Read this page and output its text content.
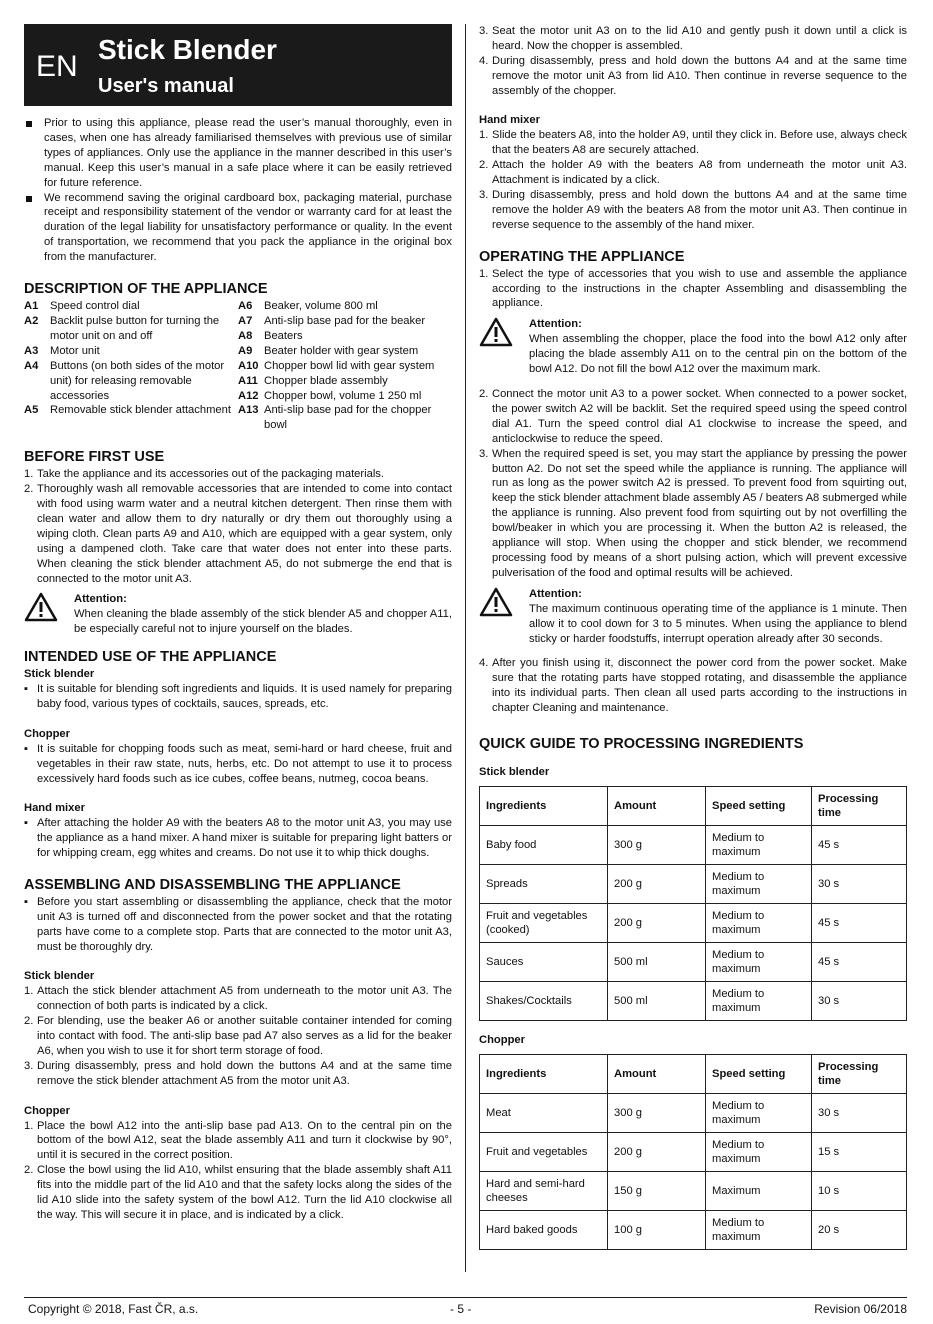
EN
Stick Blender
User's manual
Prior to using this appliance, please read the user’s manual thoroughly, even in cases, when one has already familiarised themselves with previous use of similar types of appliances. Only use the appliance in the manner described in this user’s manual. Keep this user’s manual in a safe place where it can be easily retrieved for future reference.
We recommend saving the original cardboard box, packaging material, purchase receipt and responsibility statement of the vendor or warranty card for at least the duration of the legal liability for unsatisfactory performance or quality. In the event of transportation, we recommend that you pack the appliance in the original box from the manufacturer.
DESCRIPTION OF THE APPLIANCE
A1	Speed control dial
A2	Backlit pulse button for turning the motor unit on and off
A3	Motor unit
A4	Buttons (on both sides of the motor unit) for releasing removable accessories
A5	Removable stick blender attachment
A6	Beaker, volume 800 ml
A7	Anti-slip base pad for the beaker
A8	Beaters
A9	Beater holder with gear system
A10 Chopper bowl lid with gear system
A11 Chopper blade assembly
A12 Chopper bowl, volume 1 250 ml
A13 Anti-slip base pad for the chopper bowl
BEFORE FIRST USE
1. Take the appliance and its accessories out of the packaging materials.
2. Thoroughly wash all removable accessories that are intended to come into contact with food using warm water and a neutral kitchen detergent. Then rinse them with clean water and allow them to dry naturally or dry them out thoroughly using a wiping cloth. Clean parts A9 and A10, which are equipped with a gear system, only using a dampened cloth. Take care that water does not enter into these parts. When cleaning the stick blender attachment A5, do not submerge the end that is connected to the motor unit A3.
Attention:
When cleaning the blade assembly of the stick blender A5 and chopper A11, be especially careful not to injure yourself on the blades.
INTENDED USE OF THE APPLIANCE
Stick blender
▪ It is suitable for blending soft ingredients and liquids. It is used namely for preparing baby food, various types of cocktails, sauces, spreads, etc.
Chopper
▪ It is suitable for chopping foods such as meat, semi-hard or hard cheese, fruit and vegetables in their raw state, nuts, herbs, etc. Do not attempt to use it to process excessively hard foods such as ice cubes, coffee beans, nutmeg, cocoa beans.
Hand mixer
▪ After attaching the holder A9 with the beaters A8 to the motor unit A3, you may use the appliance as a hand mixer. A hand mixer is suitable for preparing light batters or for whipping cream, egg whites and creams. Do not use it to whip thick doughs.
ASSEMBLING AND DISASSEMBLING THE APPLIANCE
▪ Before you start assembling or disassembling the appliance, check that the motor unit A3 is turned off and disconnected from the power socket and that the rotating parts have come to a complete stop. Parts that are connected to the motor unit A3, must be thoroughly dry.
Stick blender
1. Attach the stick blender attachment A5 from underneath to the motor unit A3. The connection of both parts is indicated by a click.
2. For blending, use the beaker A6 or another suitable container intended for coming into contact with food. The anti-slip base pad A7 also serves as a lid for the beaker A6, when you wish to use it for short term storage of food.
3. During disassembly, press and hold down the buttons A4 and at the same time remove the stick blender attachment A5 from the motor unit A3.
Chopper
1. Place the bowl A12 into the anti-slip base pad A13. On to the central pin on the bottom of the bowl A12, seat the blade assembly A11 and turn it clockwise by 90°, until it is secured in the correct position.
2. Close the bowl using the lid A10, whilst ensuring that the blade assembly shaft A11 fits into the middle part of the lid A10 and that the safety locks along the sides of the lid A10 slide into the safety system of the bowl A12. Turn the lid A10 clockwise all the way. This will secure it in place, and is indicated by a click.
3. Seat the motor unit A3 on to the lid A10 and gently push it down until a click is heard. Now the chopper is assembled.
4. During disassembly, press and hold down the buttons A4 and at the same time remove the motor unit A3 from lid A10. Then continue in reverse sequence to the assembly of the chopper.
Hand mixer
1. Slide the beaters A8, into the holder A9, until they click in. Before use, always check that the beaters A8 are securely attached.
2. Attach the holder A9 with the beaters A8 from underneath the motor unit A3. Attachment is indicated by a click.
3. During disassembly, press and hold down the buttons A4 and at the same time remove the holder A9 with the beaters A8 from the motor unit A3. Then continue in reverse sequence to the assembly of the hand mixer.
OPERATING THE APPLIANCE
1. Select the type of accessories that you wish to use and assemble the appliance according to the instructions in the chapter Assembling and disassembling the appliance.
Attention:
When assembling the chopper, place the food into the bowl A12 only after placing the blade assembly A11 on to the central pin on the bottom of the bowl A12. Do not fill the bowl A12 over the maximum mark.
2. Connect the motor unit A3 to a power socket. When connected to a power socket, the power switch A2 will be backlit. Set the required speed using the speed control dial A1. Turn the speed control dial A1 clockwise to increase the speed, and anticlockwise to reduce the speed.
3. When the required speed is set, you may start the appliance by pressing the power button A2. Do not set the speed while the appliance is running. The appliance will run as long as the power switch A2 is pressed. To prevent food from squirting out, keep the stick blender attachment blade assembly A5 / beaters A8 submerged while the appliance is running. Also prevent food from squirting out by not overfilling the bowl/beaker in which you are processing it. When the button A2 is released, the appliance will stop. When using the chopper and stick blender, we recommend processing food by means of a short pulsing action, which will prevent excessive pulverisation of the food and optimal results will be achieved.
Attention:
The maximum continuous operating time of the appliance is 1 minute. Then allow it to cool down for 3 to 5 minutes. When using the appliance to blend sticky or harder foodstuffs, interrupt operation already after 30 seconds.
4. After you finish using it, disconnect the power cord from the power socket. Make sure that the rotating parts have stopped rotating, and disassemble the appliance into its individual parts. Then clean all used parts according to the instructions in chapter Cleaning and maintenance.
QUICK GUIDE TO PROCESSING INGREDIENTS
Stick blender
Ingredients	Amount	Speed setting	Processing time
Baby food	300 g	Medium to maximum	45 s
Spreads	200 g	Medium to maximum	30 s
Fruit and vegetables (cooked)	200 g	Medium to maximum	45 s
Sauces	500 ml	Medium to maximum	45 s
Shakes/Cocktails	500 ml	Medium to maximum	30 s
Chopper
Ingredients	Amount	Speed setting	Processing time
Meat	300 g	Medium to maximum	30 s
Fruit and vegetables	200 g	Medium to maximum	15 s
Hard and semi-hard cheeses	150 g	Maximum	10 s
Hard baked goods	100 g	Medium to maximum	20 s
Copyright © 2018, Fast ČR, a.s.	- 5 -	Revision 06/2018
